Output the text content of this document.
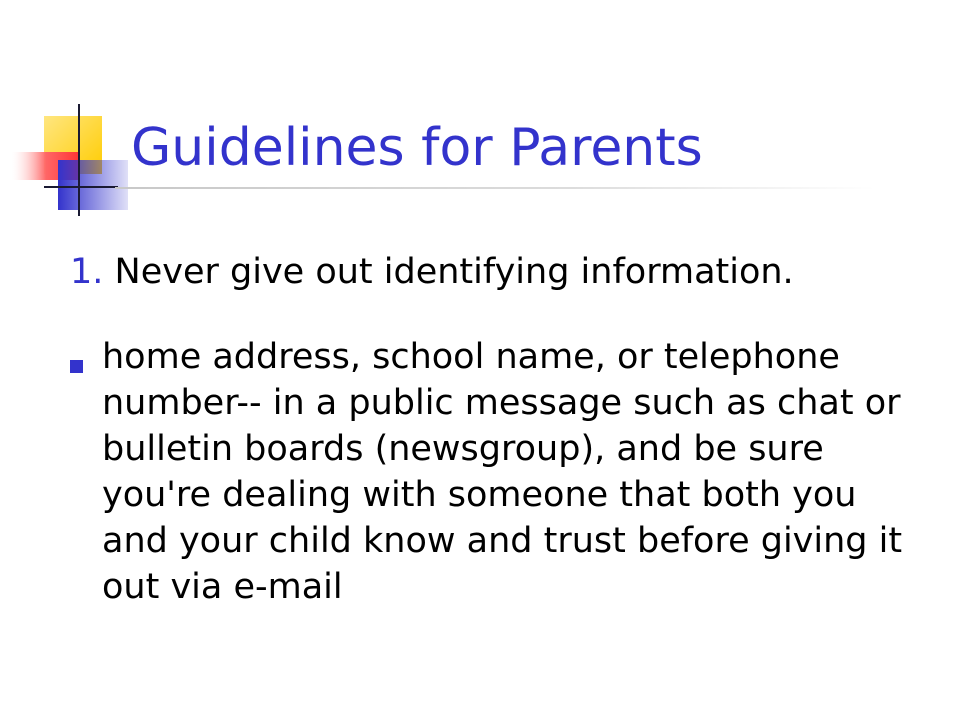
Guidelines for Parents
1. Never give out identifying information.

home address, school name, or telephone number-- in a public message such as chat or bulletin boards (newsgroup), and be sure you're dealing with someone that both you and your child know and trust before giving it out via e-mail
